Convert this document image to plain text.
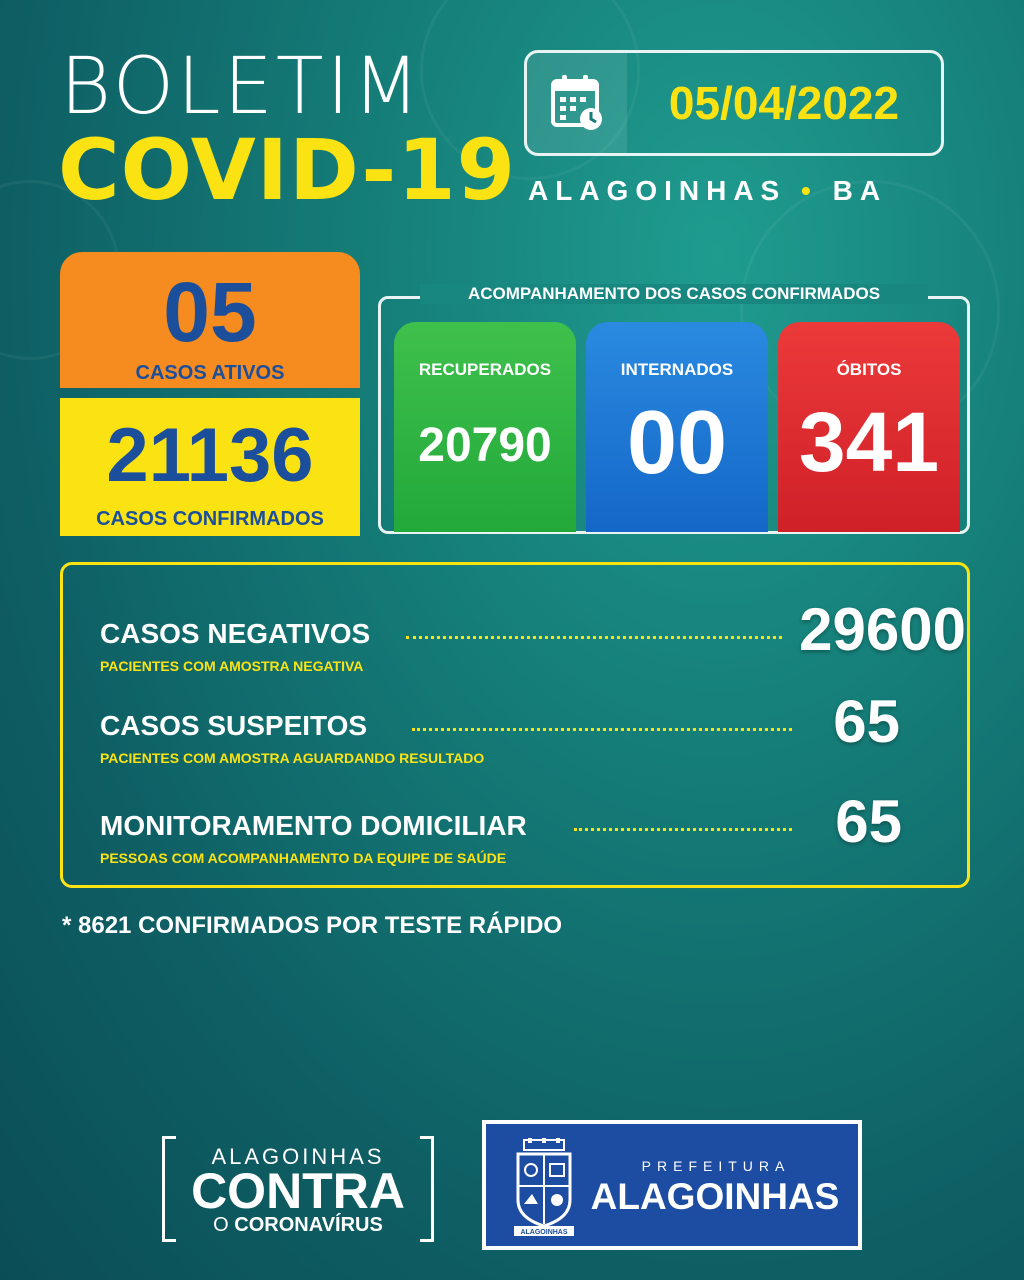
BOLETIM
COVID-19
05/04/2022
ALAGOINHAS • BA
05
CASOS ATIVOS
21136
CASOS CONFIRMADOS
ACOMPANHAMENTO DOS CASOS CONFIRMADOS
RECUPERADOS
20790
INTERNADOS
00
ÓBITOS
341
CASOS NEGATIVOS	29600
PACIENTES COM AMOSTRA NEGATIVA
CASOS SUSPEITOS	65
PACIENTES COM AMOSTRA AGUARDANDO RESULTADO
MONITORAMENTO DOMICILIAR	65
PESSOAS COM ACOMPANHAMENTO DA EQUIPE DE SAÚDE
* 8621 CONFIRMADOS POR TESTE RÁPIDO
ALAGOINHAS
CONTRA
O CORONAVÍRUS	ALAGOINHAS
PREFEITURA
ALAGOINHAS
